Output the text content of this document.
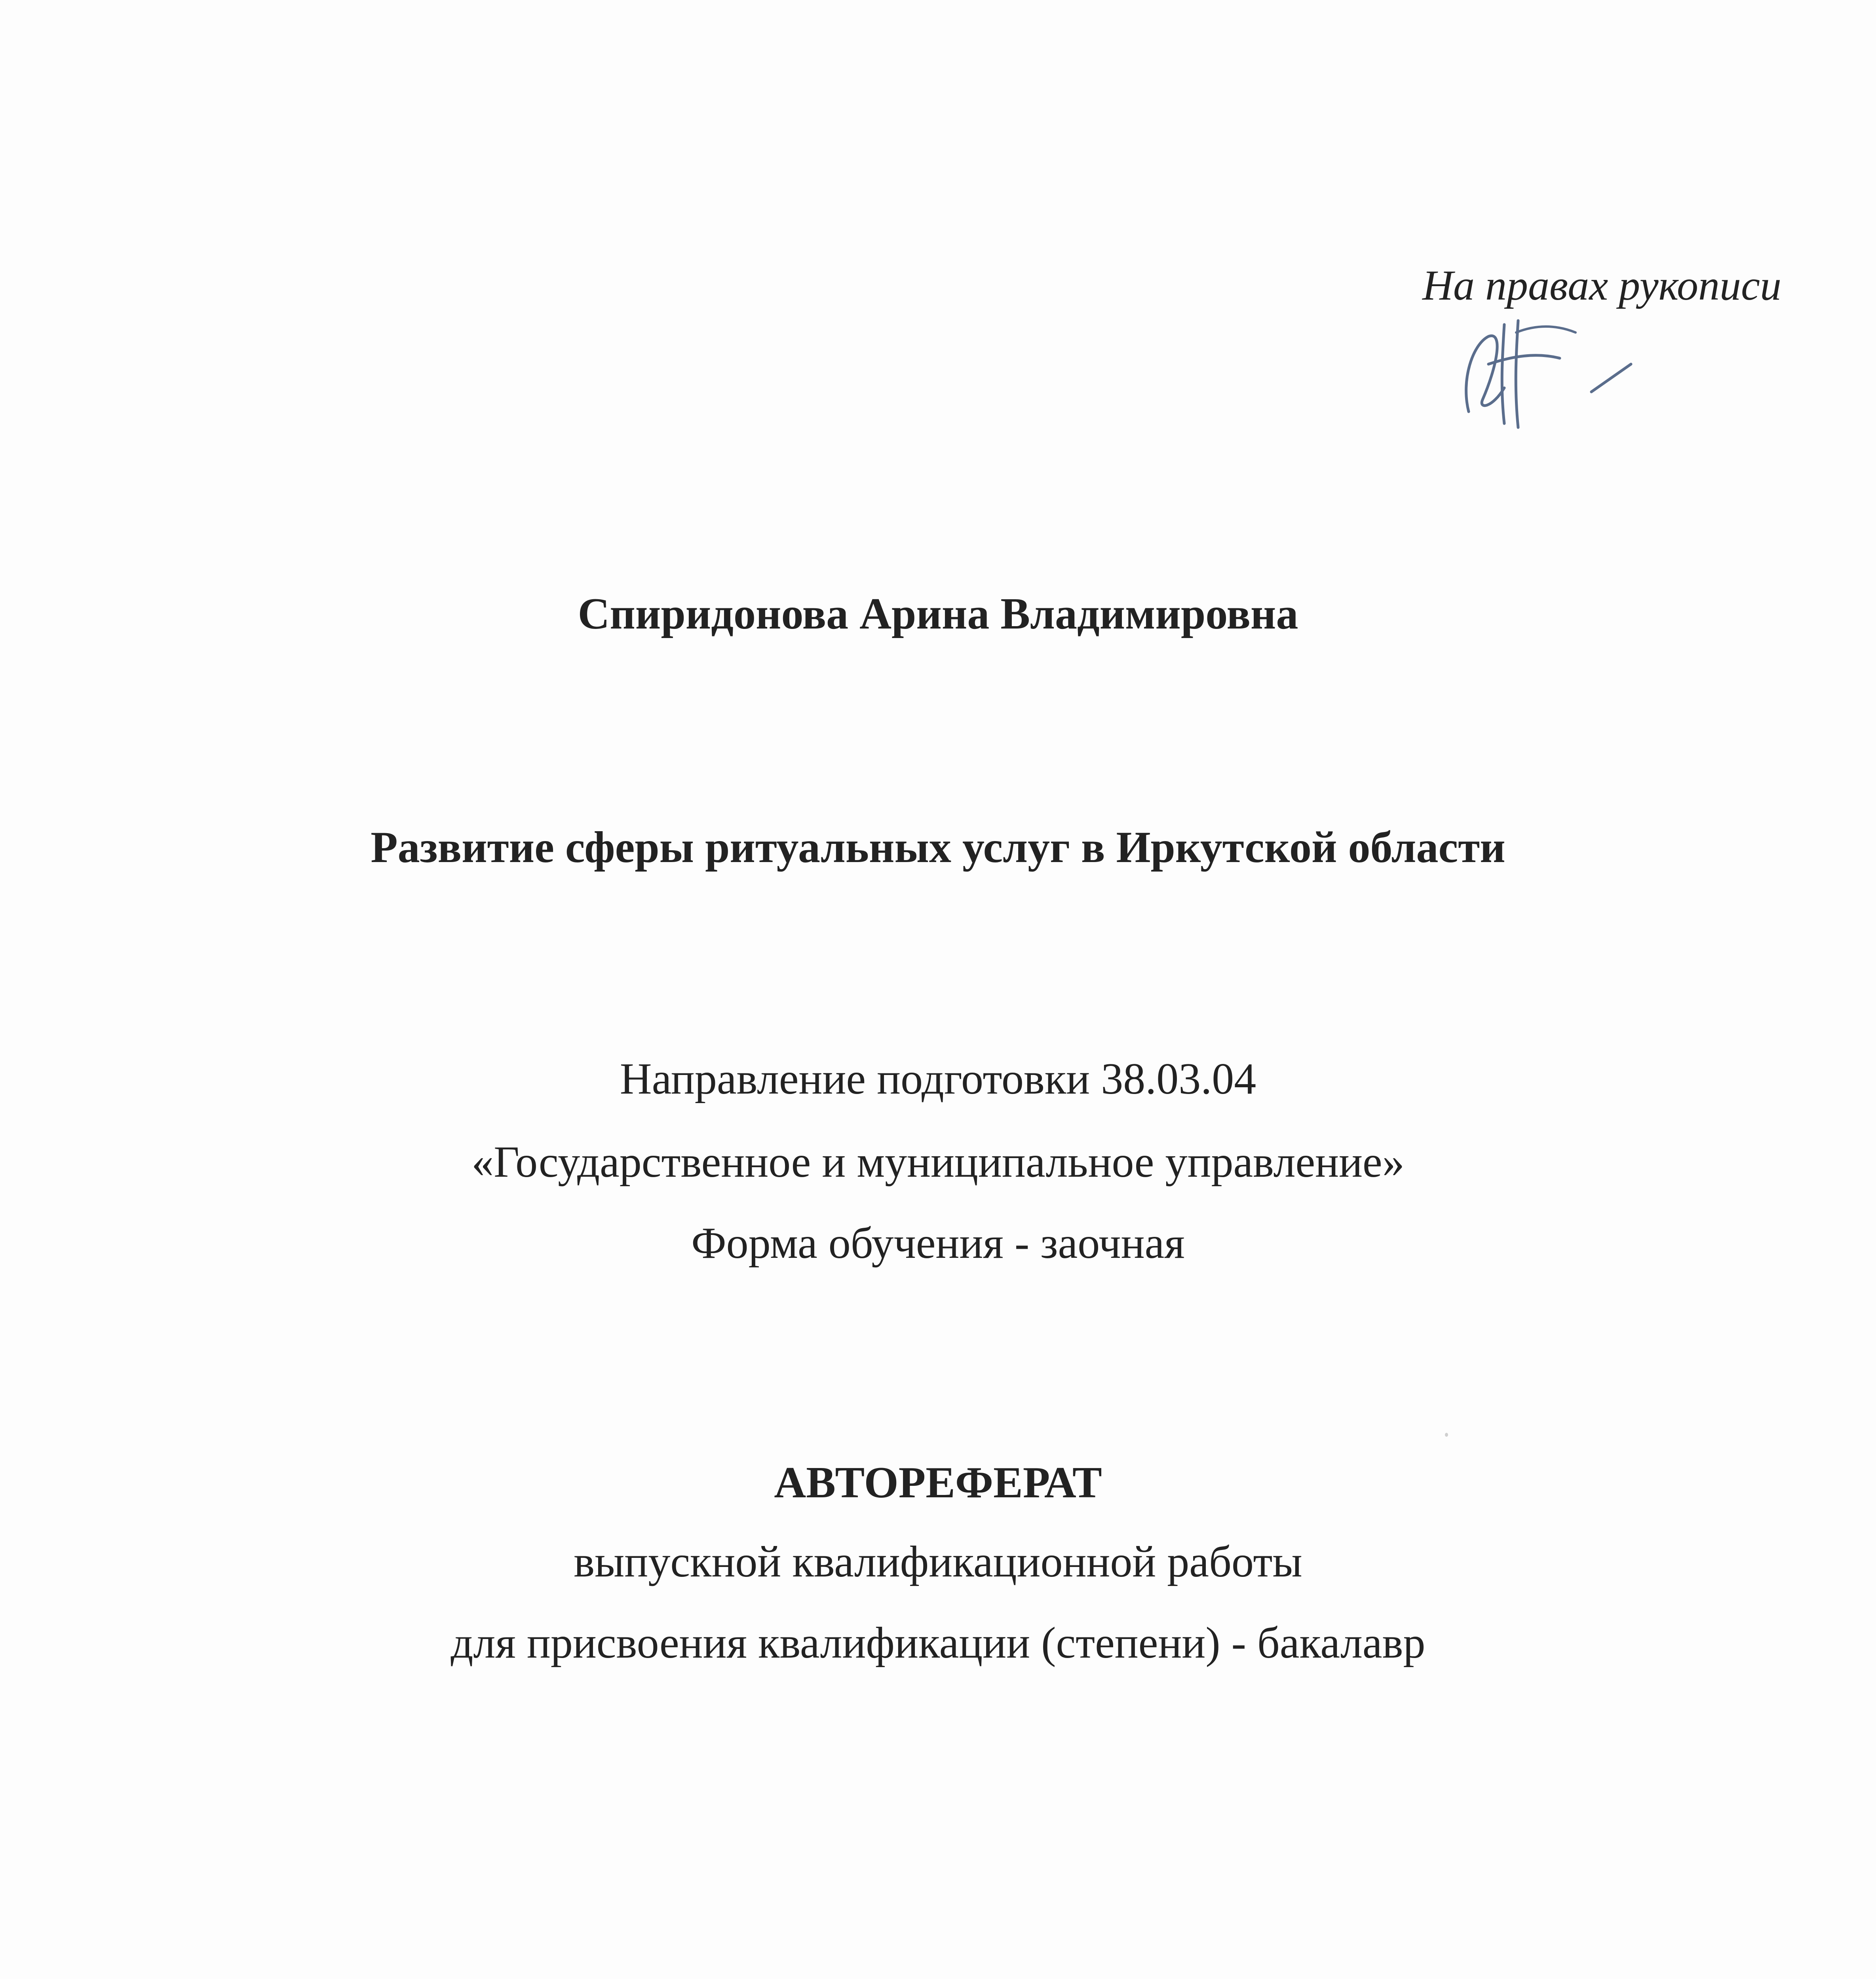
На правах рукописи
Спиридонова Арина Владимировна
Развитие сферы ритуальных услуг в Иркутской области
Направление подготовки 38.03.04
«Государственное и муниципальное управление»
Форма обучения - заочная
АВТОРЕФЕРАТ
выпускной квалификационной работы
для присвоения квалификации (степени) - бакалавр
